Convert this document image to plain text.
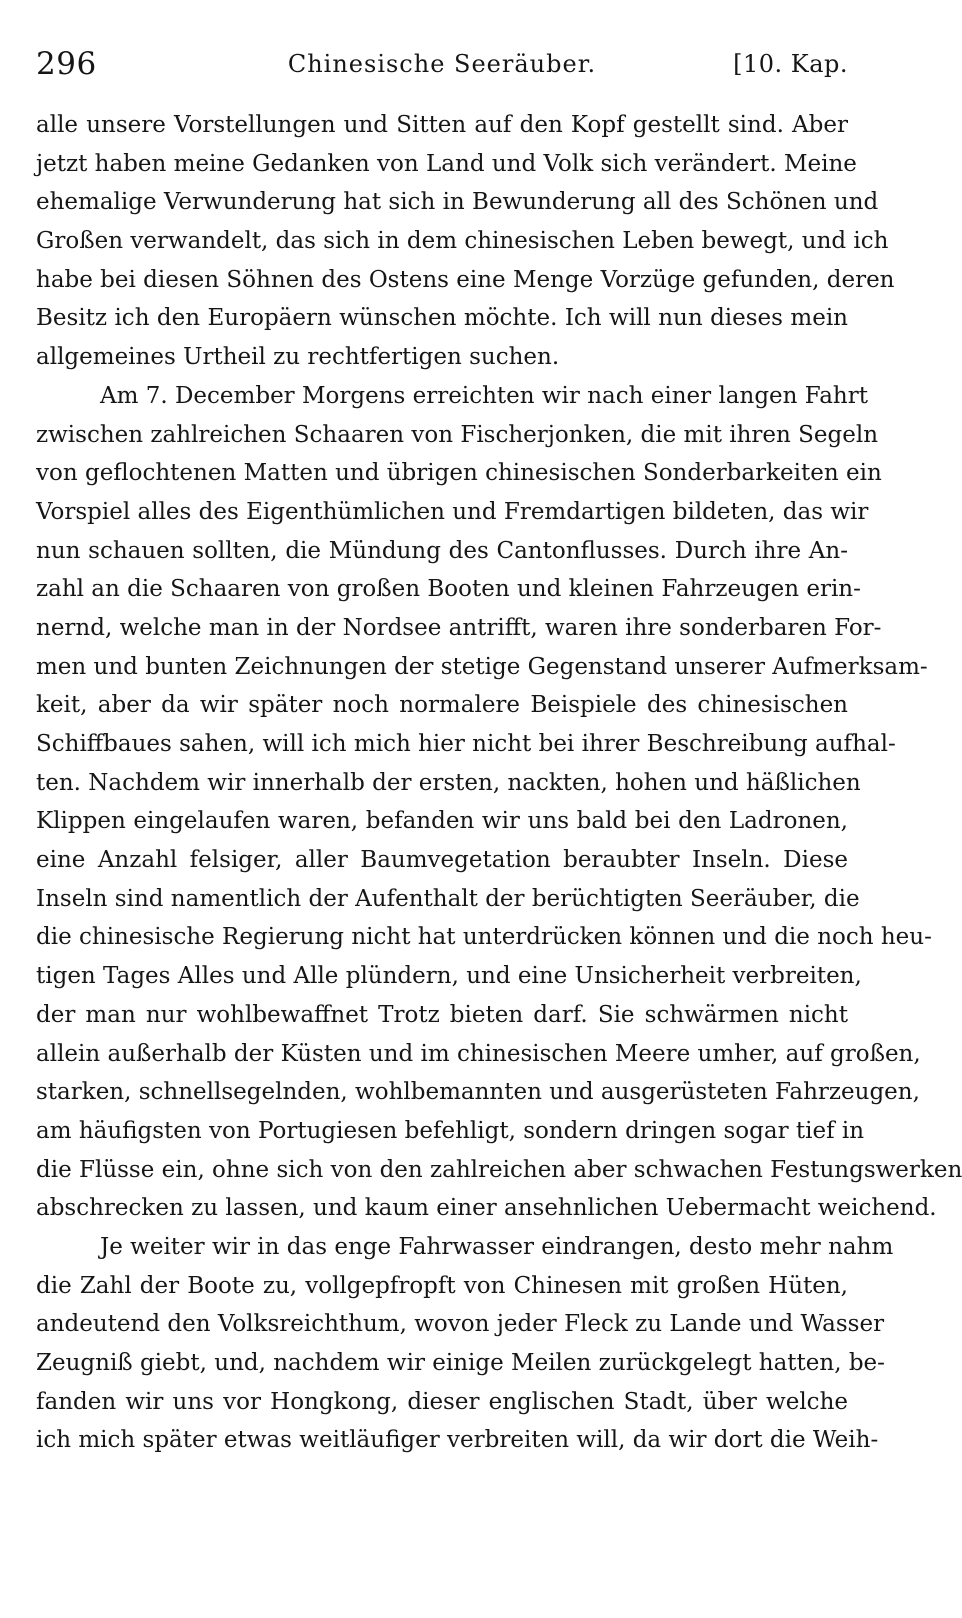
296	Chinesische Seeräuber.	[10. Kap.
alle unsere Vorstellungen und Sitten auf den Kopf gestellt sind. Aber
jetzt haben meine Gedanken von Land und Volk sich verändert. Meine
ehemalige Verwunderung hat sich in Bewunderung all des Schönen und
Großen verwandelt, das sich in dem chinesischen Leben bewegt, und ich
habe bei diesen Söhnen des Ostens eine Menge Vorzüge gefunden, deren
Besitz ich den Europäern wünschen möchte. Ich will nun dieses mein
allgemeines Urtheil zu rechtfertigen suchen.
Am 7. December Morgens erreichten wir nach einer langen Fahrt
zwischen zahlreichen Schaaren von Fischerjonken, die mit ihren Segeln
von geflochtenen Matten und übrigen chinesischen Sonderbarkeiten ein
Vorspiel alles des Eigenthümlichen und Fremdartigen bildeten, das wir
nun schauen sollten, die Mündung des Cantonflusses. Durch ihre An-
zahl an die Schaaren von großen Booten und kleinen Fahrzeugen erin-
nernd, welche man in der Nordsee antrifft, waren ihre sonderbaren For-
men und bunten Zeichnungen der stetige Gegenstand unserer Aufmerksam-
keit, aber da wir später noch normalere Beispiele des chinesischen
Schiffbaues sahen, will ich mich hier nicht bei ihrer Beschreibung aufhal-
ten. Nachdem wir innerhalb der ersten, nackten, hohen und häßlichen
Klippen eingelaufen waren, befanden wir uns bald bei den Ladronen,
eine Anzahl felsiger, aller Baumvegetation beraubter Inseln. Diese
Inseln sind namentlich der Aufenthalt der berüchtigten Seeräuber, die
die chinesische Regierung nicht hat unterdrücken können und die noch heu-
tigen Tages Alles und Alle plündern, und eine Unsicherheit verbreiten,
der man nur wohlbewaffnet Trotz bieten darf. Sie schwärmen nicht
allein außerhalb der Küsten und im chinesischen Meere umher, auf großen,
starken, schnellsegelnden, wohlbemannten und ausgerüsteten Fahrzeugen,
am häufigsten von Portugiesen befehligt, sondern dringen sogar tief in
die Flüsse ein, ohne sich von den zahlreichen aber schwachen Festungswerken
abschrecken zu lassen, und kaum einer ansehnlichen Uebermacht weichend.
Je weiter wir in das enge Fahrwasser eindrangen, desto mehr nahm
die Zahl der Boote zu, vollgepfropft von Chinesen mit großen Hüten,
andeutend den Volksreichthum, wovon jeder Fleck zu Lande und Wasser
Zeugniß giebt, und, nachdem wir einige Meilen zurückgelegt hatten, be-
fanden wir uns vor Hongkong, dieser englischen Stadt, über welche
ich mich später etwas weitläufiger verbreiten will, da wir dort die Weih-
